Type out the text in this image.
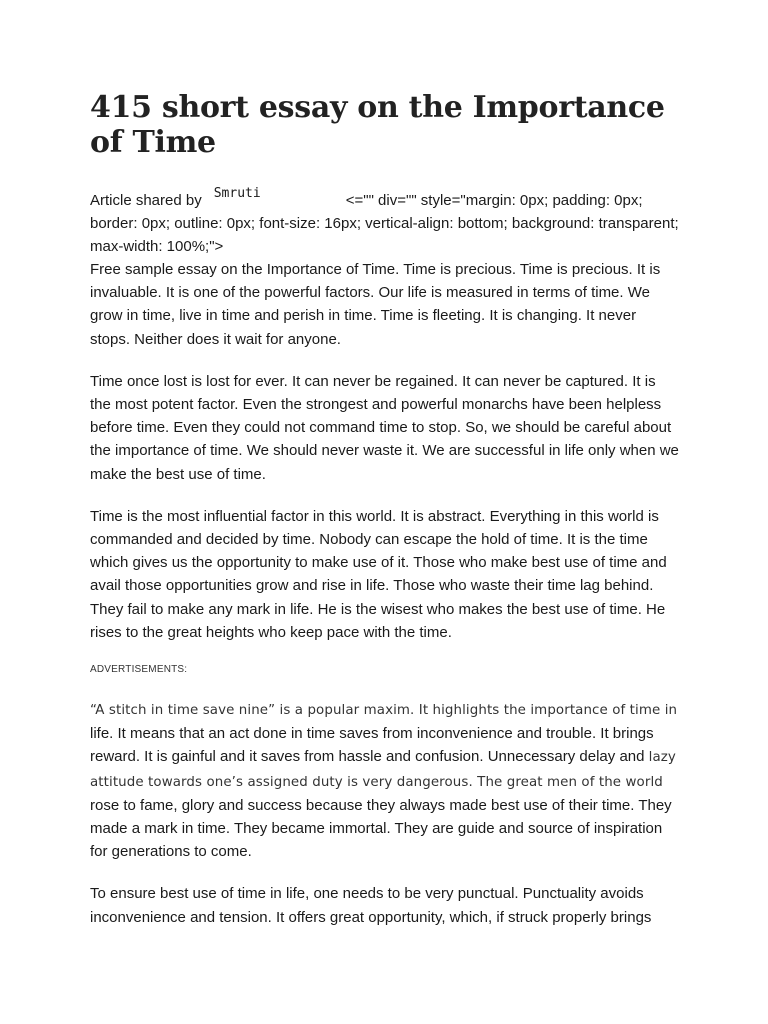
415 short essay on the Importance of Time

Article shared by Smruti	<="" div="" style="margin: 0px; padding: 0px; border: 0px; outline: 0px; font-size: 16px; vertical-align: bottom; background: transparent; max-width: 100%;">

Free sample essay on the Importance of Time. Time is precious. Time is precious. It is invaluable. It is one of the powerful factors. Our life is measured in terms of time. We grow in time, live in time and perish in time. Time is fleeting. It is changing. It never stops. Neither does it wait for anyone.

Time once lost is lost for ever. It can never be regained. It can never be captured. It is the most potent factor. Even the strongest and powerful monarchs have been helpless before time. Even they could not command time to stop. So, we should be careful about the importance of time. We should never waste it. We are successful in life only when we make the best use of time.

Time is the most influential factor in this world. It is abstract. Everything in this world is commanded and decided by time. Nobody can escape the hold of time. It is the time which gives us the opportunity to make use of it. Those who make best use of time and avail those opportunities grow and rise in life. Those who waste their time lag behind. They fail to make any mark in life. He is the wisest who makes the best use of time. He rises to the great heights who keep pace with the time.

ADVERTISEMENTS:

“A stitch in time save nine” is a popular maxim. It highlights the importance of time in life. It means that an act done in time saves from inconvenience and trouble. It brings reward. It is gainful and it saves from hassle and confusion. Unnecessary delay and lazy attitude towards one’s assigned duty is very dangerous. The great men of the world rose to fame, glory and success because they always made best use of their time. They made a mark in time. They became immortal. They are guide and source of inspiration for generations to come.

To ensure best use of time in life, one needs to be very punctual. Punctuality avoids inconvenience and tension. It offers great opportunity, which, if struck properly brings
